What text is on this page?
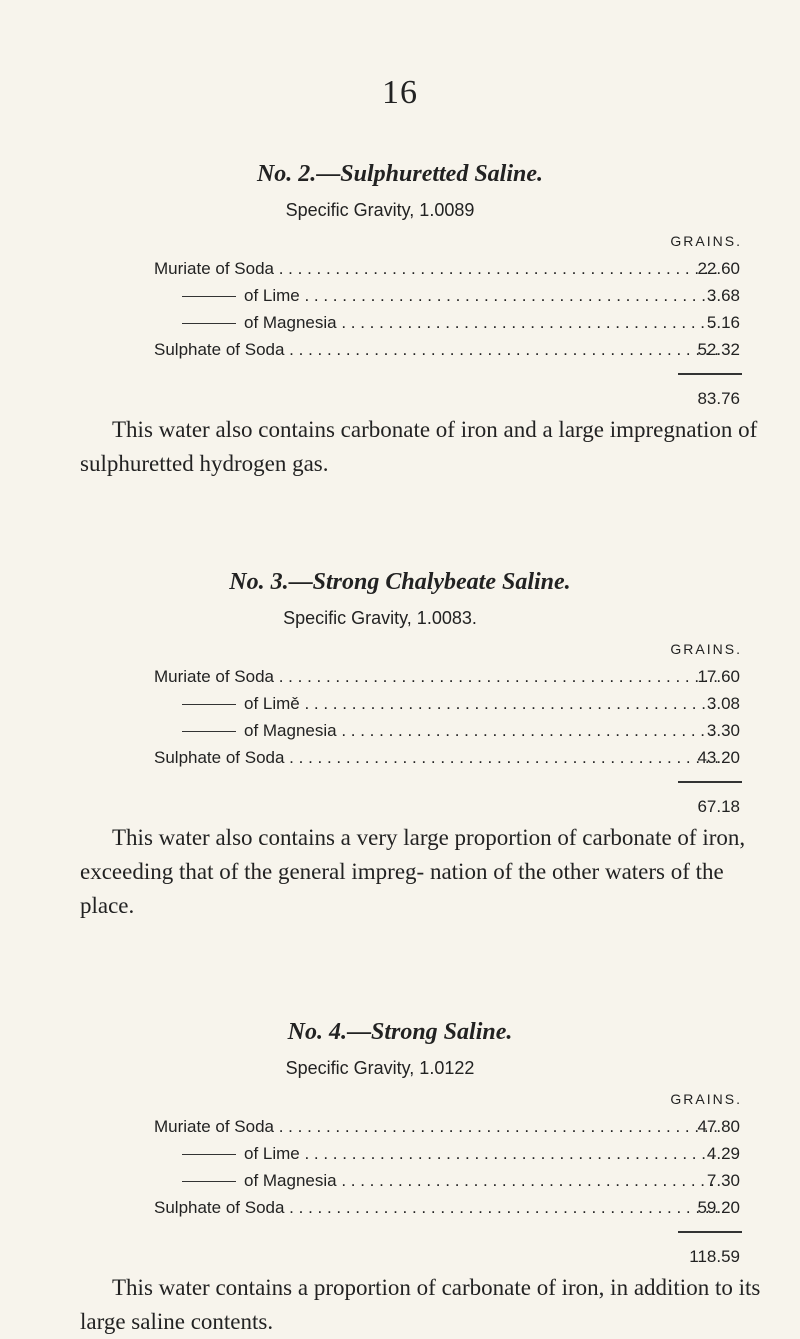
16
No. 2.—Sulphuretted Saline.
Specific Gravity, 1.0089
GRAINS.
Muriate of Soda . . .	22.60
of Lime . . .	3.68
of Magnesia . . .	5.16
Sulphate of Soda . . .	52.32
83.76

This water also contains carbonate of iron and a large impregnation of sulphuretted hydrogen gas.

No. 3.—Strong Chalybeate Saline.
Specific Gravity, 1.0083.
GRAINS.
Muriate of Soda . . .	17.60
of Limě . . .	3.08
of Magnesia . . .	3.30
Sulphate of Soda . . .	43.20
67.18

This water also contains a very large proportion of carbonate of iron, exceeding that of the general impreg- nation of the other waters of the place.

No. 4.—Strong Saline.
Specific Gravity, 1.0122
GRAINS.
Muriate of Soda . . .	47.80
of Lime . . .	4.29
of Magnesia . . .	7.30
Sulphate of Soda . . .	59.20
118.59

This water contains a proportion of carbonate of iron, in addition to its large saline contents.
